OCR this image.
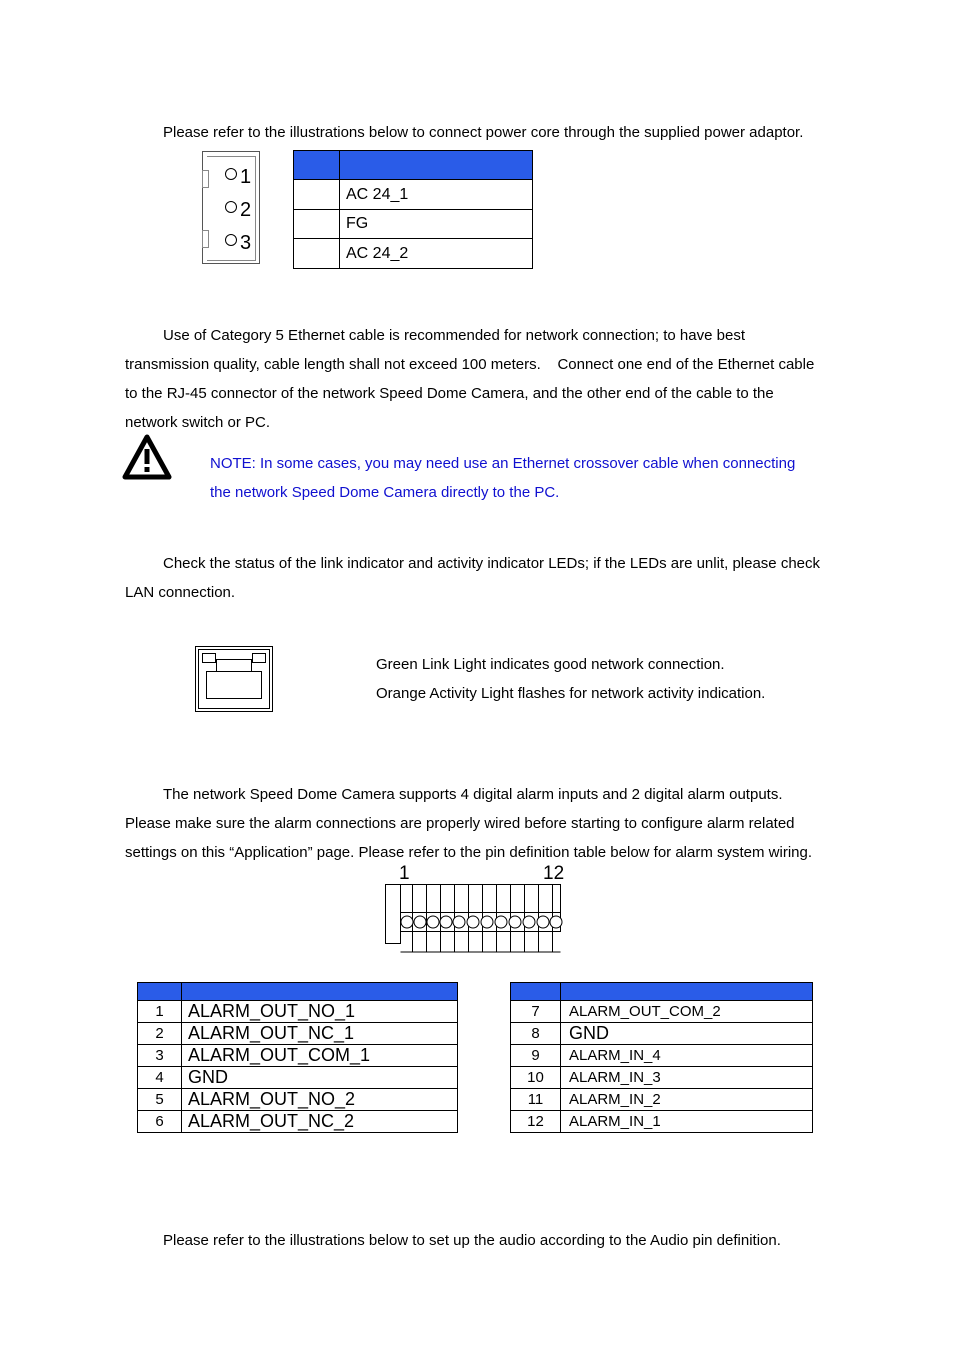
Please refer to the illustrations below to connect power core through the supplied power adaptor.
1
2
3

	AC 24_1
	FG
	AC 24_2
Use of Category 5 Ethernet cable is recommended for network connection; to have best
transmission quality, cable length shall not exceed 100 meters.    Connect one end of the Ethernet cable
to the RJ-45 connector of the network Speed Dome Camera, and the other end of the cable to the
network switch or PC.
NOTE: In some cases, you may need use an Ethernet crossover cable when connecting
the network Speed Dome Camera directly to the PC.
Check the status of the link indicator and activity indicator LEDs; if the LEDs are unlit, please check
LAN connection.
Green Link Light indicates good network connection.
Orange Activity Light flashes for network activity indication.
The network Speed Dome Camera supports 4 digital alarm inputs and 2 digital alarm outputs.
Please make sure the alarm connections are properly wired before starting to configure alarm related
settings on this “Application” page. Please refer to the pin definition table below for alarm system wiring.
1	12

1	ALARM_OUT_NO_1
2	ALARM_OUT_NC_1
3	ALARM_OUT_COM_1
4	GND
5	ALARM_OUT_NO_2
6	ALARM_OUT_NC_2

7	ALARM_OUT_COM_2
8	GND
9	ALARM_IN_4
10	ALARM_IN_3
11	ALARM_IN_2
12	ALARM_IN_1
Please refer to the illustrations below to set up the audio according to the Audio pin definition.
